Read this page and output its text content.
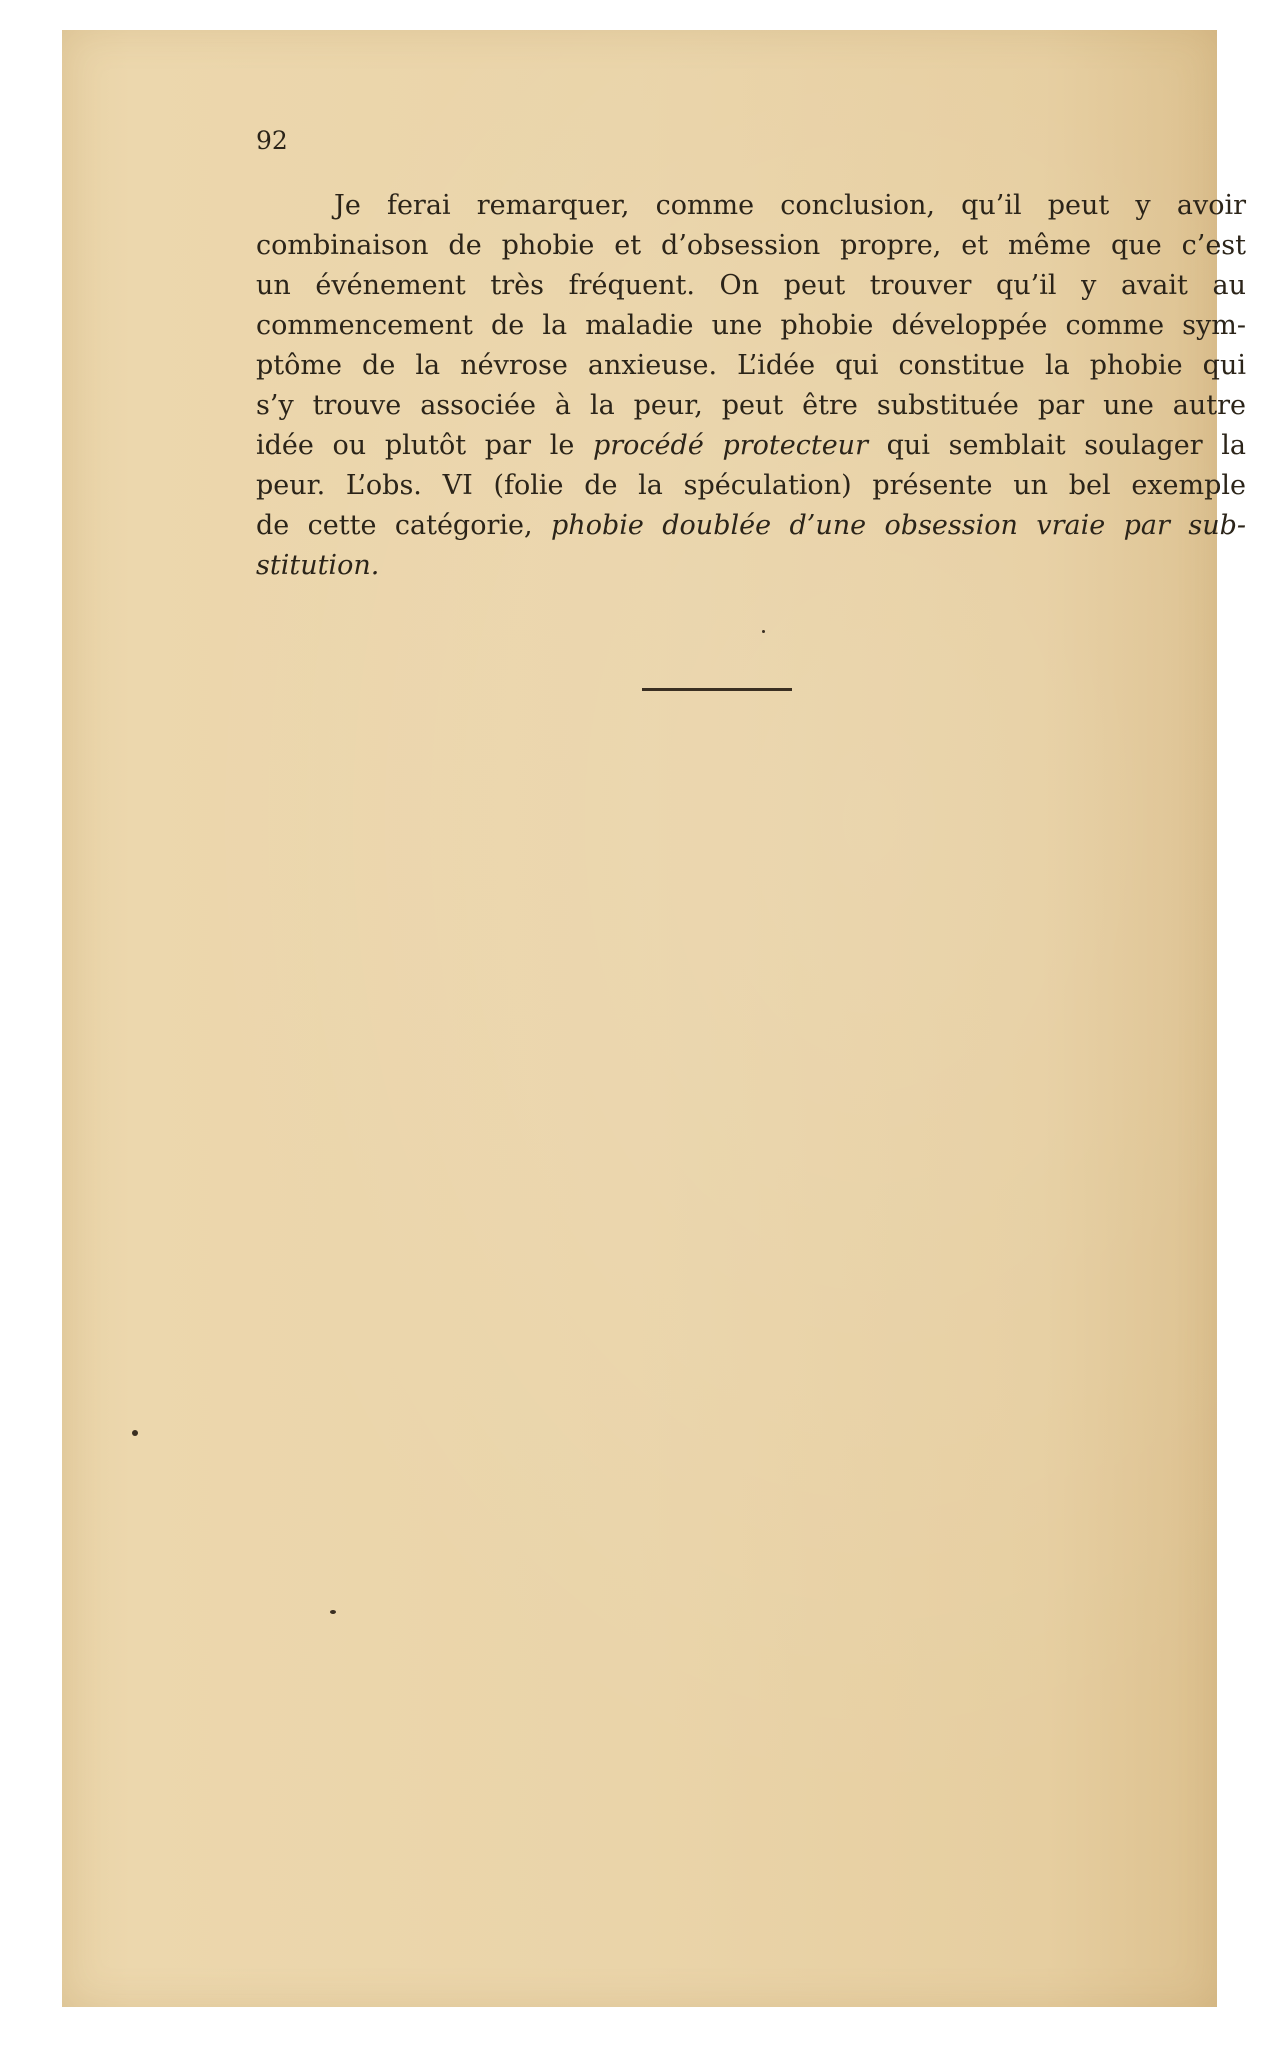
92
Je ferai remarquer, comme conclusion, qu’il peut y avoir
combinaison de phobie et d’obsession propre, et même que c’est
un événement très fréquent. On peut trouver qu’il y avait au
commencement de la maladie une phobie développée comme sym-
ptôme de la névrose anxieuse. L’idée qui constitue la phobie qui
s’y trouve associée à la peur, peut être substituée par une autre
idée ou plutôt par le procédé protecteur qui semblait soulager la
peur. L’obs. VI (folie de la spéculation) présente un bel exemple
de cette catégorie, phobie doublée d’une obsession vraie par sub-
stitution.
